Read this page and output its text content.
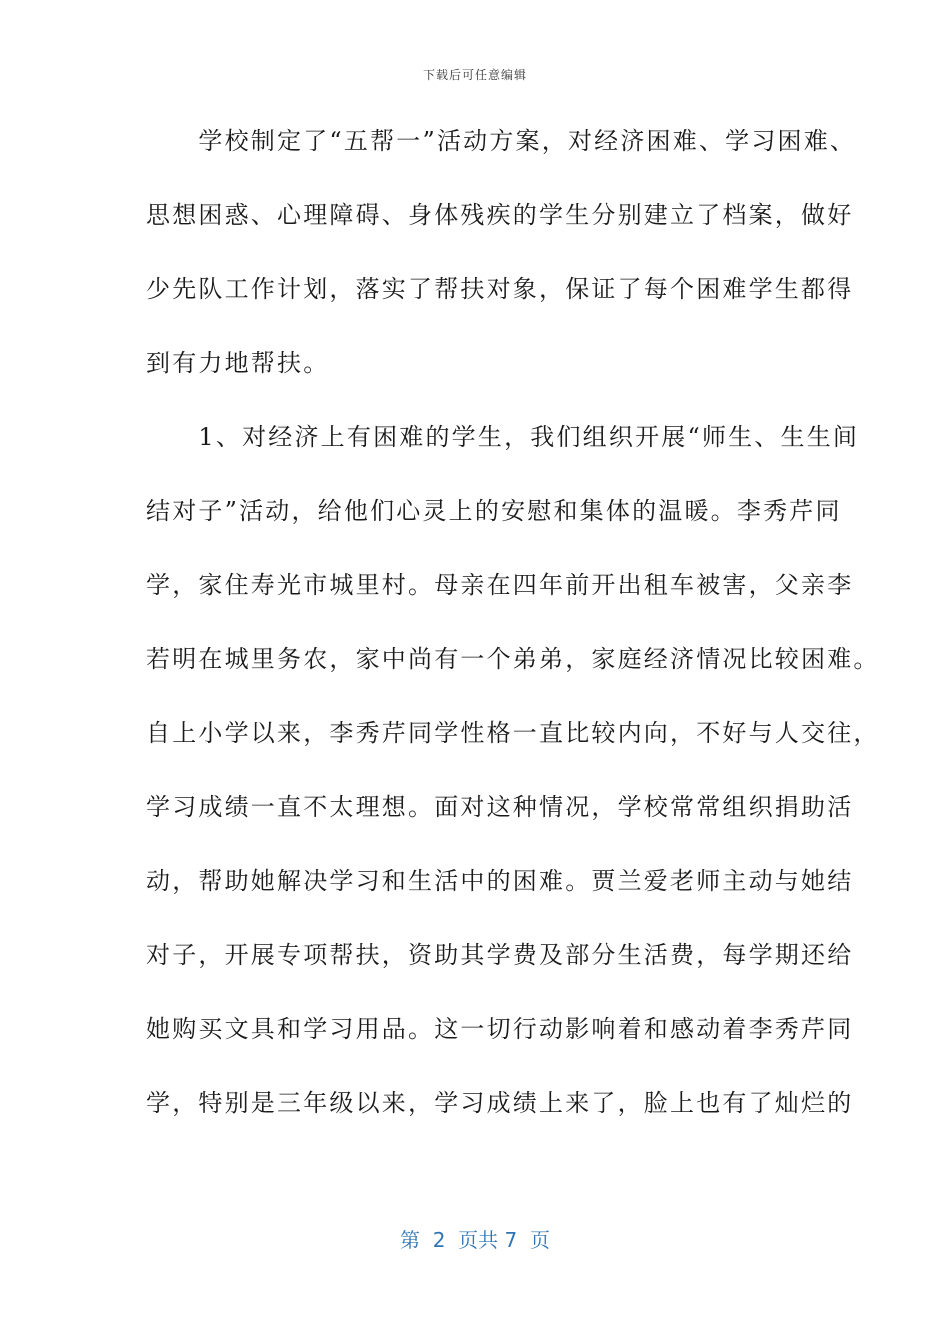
下载后可任意编辑
　　学校制定了“五帮一”活动方案，对经济困难、学习困难、
思想困惑、心理障碍、身体残疾的学生分别建立了档案，做好
少先队工作计划，落实了帮扶对象，保证了每个困难学生都得
到有力地帮扶。
　　1、对经济上有困难的学生，我们组织开展“师生、生生间
结对子”活动，给他们心灵上的安慰和集体的温暖。李秀芹同
学，家住寿光市城里村。母亲在四年前开出租车被害，父亲李
若明在城里务农，家中尚有一个弟弟，家庭经济情况比较困难。
自上小学以来，李秀芹同学性格一直比较内向，不好与人交往，
学习成绩一直不太理想。面对这种情况，学校常常组织捐助活
动，帮助她解决学习和生活中的困难。贾兰爱老师主动与她结
对子，开展专项帮扶，资助其学费及部分生活费，每学期还给
她购买文具和学习用品。这一切行动影响着和感动着李秀芹同
学，特别是三年级以来，学习成绩上来了，脸上也有了灿烂的
第  2  页共 7  页
